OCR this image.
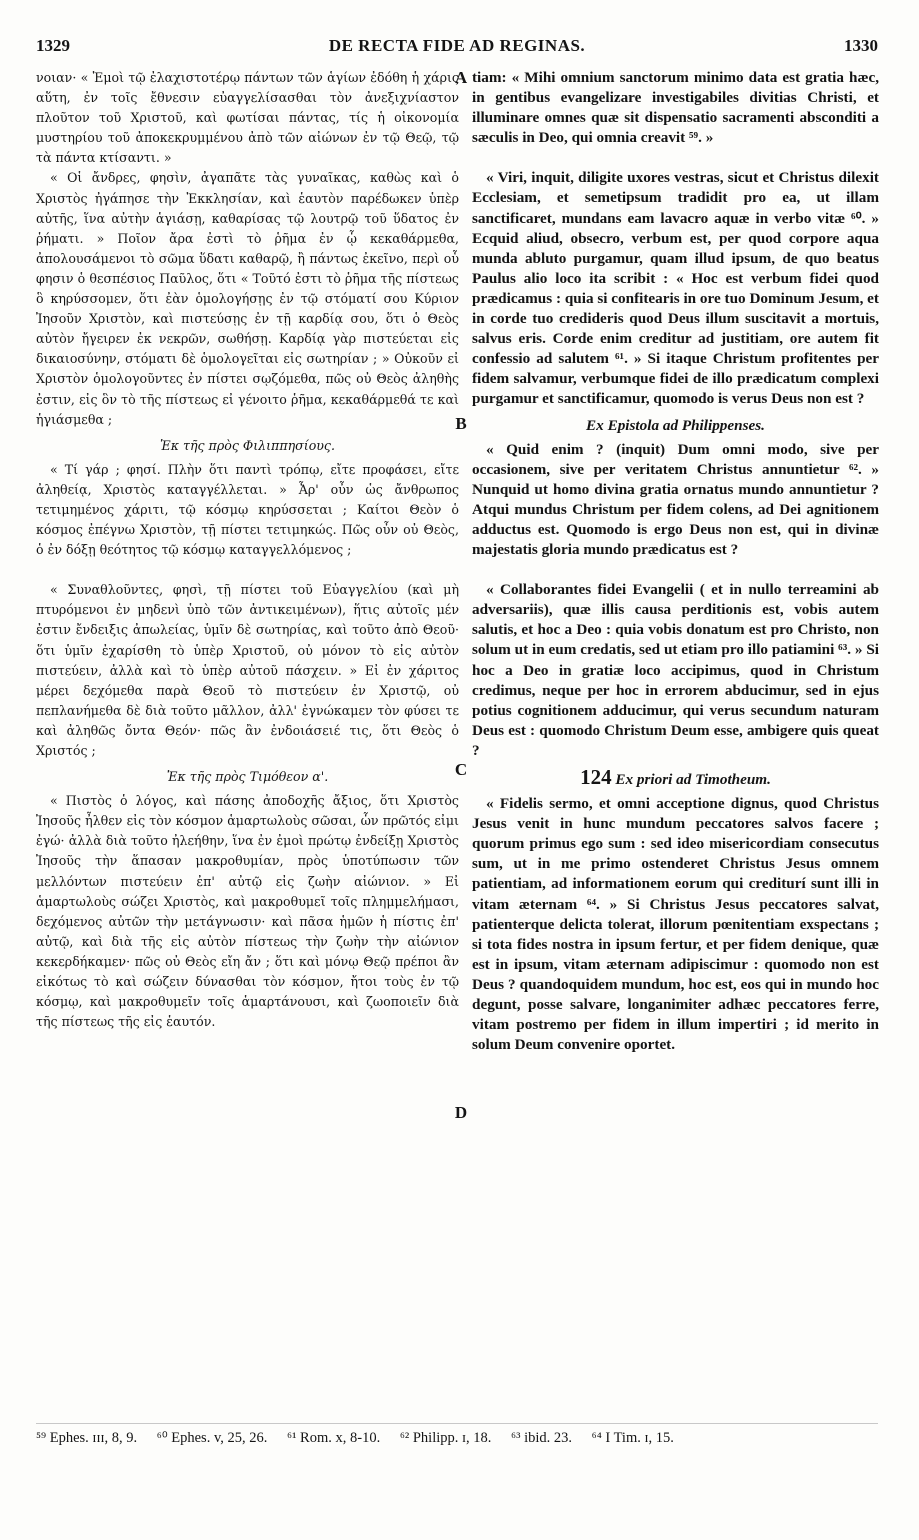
1329	DE RECTA FIDE AD REGINAS.	1330

νοιαν· « Ἐμοὶ τῷ ἐλαχιστοτέρῳ πάντων τῶν ἁγίων ἐδόθη ἡ χάρις αὕτη, ἐν τοῖς ἔθνεσιν εὐαγγελίσασθαι τὸν ἀνεξιχνίαστον πλοῦτον τοῦ Χριστοῦ, καὶ φωτίσαι πάντας, τίς ἡ οἰκονομία μυστηρίου τοῦ ἀποκεκρυμμένου ἀπὸ τῶν αἰώνων ἐν τῷ Θεῷ, τῷ τὰ πάντα κτίσαντι. »

« Οἱ ἄνδρες, φησὶν, ἀγαπᾶτε τὰς γυναῖκας, καθὼς καὶ ὁ Χριστὸς ἠγάπησε τὴν Ἐκκλησίαν, καὶ ἑαυτὸν παρέδωκεν ὑπὲρ αὐτῆς, ἵνα αὐτὴν ἁγιάσῃ, καθαρίσας τῷ λουτρῷ τοῦ ὕδατος ἐν ῥήματι. » Ποῖον ἄρα ἐστὶ τὸ ῥῆμα ἐν ᾧ κεκαθάρμεθα, ἀπολουσάμενοι τὸ σῶμα ὕδατι καθαρῷ, ἢ πάντως ἐκεῖνο, περὶ οὗ φησιν ὁ θεσπέσιος Παῦλος, ὅτι « Τοῦτό ἐστι τὸ ῥῆμα τῆς πίστεως ὃ κηρύσσομεν, ὅτι ἐὰν ὁμολογήσῃς ἐν τῷ στόματί σου Κύριον Ἰησοῦν Χριστὸν, καὶ πιστεύσῃς ἐν τῇ καρδίᾳ σου, ὅτι ὁ Θεὸς αὐτὸν ἤγειρεν ἐκ νεκρῶν, σωθήσῃ. Καρδίᾳ γὰρ πιστεύεται εἰς δικαιοσύνην, στόματι δὲ ὁμολογεῖται εἰς σωτηρίαν ; » Οὐκοῦν εἰ Χριστὸν ὁμολογοῦντες ἐν πίστει σῳζόμεθα, πῶς οὐ Θεὸς ἀληθὴς ἐστιν, εἰς ὃν τὸ τῆς πίστεως εἰ γένοιτο ῥῆμα, κεκαθάρμεθά τε καὶ ἡγιάσμεθα ;

Ἐκ τῆς πρὸς Φιλιππησίους.

« Τί γάρ ; φησί. Πλὴν ὅτι παντὶ τρόπῳ, εἴτε προφάσει, εἴτε ἀληθείᾳ, Χριστὸς καταγγέλλεται. » Ἆρ' οὖν ὡς ἄνθρωπος τετιμημένος χάριτι, τῷ κόσμῳ κηρύσσεται ; Καίτοι Θεὸν ὁ κόσμος ἐπέγνω Χριστὸν, τῇ πίστει τετιμηκώς. Πῶς οὖν οὐ Θεὸς, ὁ ἐν δόξῃ θεότητος τῷ κόσμῳ καταγγελλόμενος ;

« Συναθλοῦντες, φησὶ, τῇ πίστει τοῦ Εὐαγγελίου (καὶ μὴ πτυρόμενοι ἐν μηδενὶ ὑπὸ τῶν ἀντικειμένων), ἥτις αὐτοῖς μέν ἐστιν ἔνδειξις ἀπωλείας, ὑμῖν δὲ σωτηρίας, καὶ τοῦτο ἀπὸ Θεοῦ· ὅτι ὑμῖν ἐχαρίσθη τὸ ὑπὲρ Χριστοῦ, οὐ μόνον τὸ εἰς αὐτὸν πιστεύειν, ἀλλὰ καὶ τὸ ὑπὲρ αὐτοῦ πάσχειν. » Εἰ ἐν χάριτος μέρει δεχόμεθα παρὰ Θεοῦ τὸ πιστεύειν ἐν Χριστῷ, οὐ πεπλανήμεθα δὲ διὰ τοῦτο μᾶλλον, ἀλλ' ἐγνώκαμεν τὸν φύσει τε καὶ ἀληθῶς ὄντα Θεόν· πῶς ἂν ἐνδοιάσειέ τις, ὅτι Θεὸς ὁ Χριστός ;

Ἐκ τῆς πρὸς Τιμόθεον α'.

« Πιστὸς ὁ λόγος, καὶ πάσης ἀποδοχῆς ἄξιος, ὅτι Χριστὸς Ἰησοῦς ἦλθεν εἰς τὸν κόσμον ἁμαρτωλοὺς σῶσαι, ὧν πρῶτός εἰμι ἐγώ· ἀλλὰ διὰ τοῦτο ἠλεήθην, ἵνα ἐν ἐμοὶ πρώτῳ ἐνδείξῃ Χριστὸς Ἰησοῦς τὴν ἅπασαν μακροθυμίαν, πρὸς ὑποτύπωσιν τῶν μελλόντων πιστεύειν ἐπ' αὐτῷ εἰς ζωὴν αἰώνιον. » Εἰ ἁμαρτωλοὺς σώζει Χριστὸς, καὶ μακροθυμεῖ τοῖς πλημμελήμασι, δεχόμενος αὐτῶν τὴν μετάγνωσιν· καὶ πᾶσα ἡμῶν ἡ πίστις ἐπ' αὐτῷ, καὶ διὰ τῆς εἰς αὐτὸν πίστεως τὴν ζωὴν τὴν αἰώνιον κεκερδήκαμεν· πῶς οὐ Θεὸς εἴη ἄν ; ὅτι καὶ μόνῳ Θεῷ πρέποι ἂν εἰκότως τὸ καὶ σώζειν δύνασθαι τὸν κόσμον, ἤτοι τοὺς ἐν τῷ κόσμῳ, καὶ μακροθυμεῖν τοῖς ἁμαρτάνουσι, καὶ ζωοποιεῖν διὰ τῆς πίστεως τῆς εἰς ἑαυτόν.

A
B
C
D

tiam: « Mihi omnium sanctorum minimo data est gratia hæc, in gentibus evangelizare investigabiles divitias Christi, et illuminare omnes quæ sit dispensatio sacramenti absconditi a sæculis in Deo, qui omnia creavit ⁵⁹. »

« Viri, inquit, diligite uxores vestras, sicut et Christus dilexit Ecclesiam, et semetipsum tradidit pro ea, ut illam sanctificaret, mundans eam lavacro aquæ in verbo vitæ ⁶⁰. » Ecquid aliud, obsecro, verbum est, per quod corpore aqua munda abluto purgamur, quam illud ipsum, de quo beatus Paulus alio loco ita scribit : « Hoc est verbum fidei quod prædicamus : quia si confitearis in ore tuo Dominum Jesum, et in corde tuo credideris quod Deus illum suscitavit a mortuis, salvus eris. Corde enim creditur ad justitiam, ore autem fit confessio ad salutem ⁶¹. » Si itaque Christum profitentes per fidem salvamur, verbumque fidei de illo prædicatum complexi purgamur et sanctificamur, quomodo is verus Deus non est ?

Ex Epistola ad Philippenses.

« Quid enim ? (inquit) Dum omni modo, sive per occasionem, sive per veritatem Christus annuntietur ⁶². » Nunquid ut homo divina gratia ornatus mundo annuntietur ? Atqui mundus Christum per fidem colens, ad Dei agnitionem adductus est. Quomodo is ergo Deus non est, qui in divinæ majestatis gloria mundo prædicatus est ?

« Collaborantes fidei Evangelii ( et in nullo terreamini ab adversariis), quæ illis causa perditionis est, vobis autem salutis, et hoc a Deo : quia vobis donatum est pro Christo, non solum ut in eum credatis, sed ut etiam pro illo patiamini ⁶³. » Si hoc a Deo in gratiæ loco accipimus, quod in Christum credimus, neque per hoc in errorem abducimur, sed in ejus potius cognitionem adducimur, qui verus secundum naturam Deus est : quomodo Christum Deum esse, ambigere quis queat ?

124 Ex priori ad Timotheum.

« Fidelis sermo, et omni acceptione dignus, quod Christus Jesus venit in hunc mundum peccatores salvos facere ; quorum primus ego sum : sed ideo misericordiam consecutus sum, ut in me primo ostenderet Christus Jesus omnem patientiam, ad informationem eorum qui crediturí sunt illi in vitam æternam ⁶⁴. » Si Christus Jesus peccatores salvat, patienterque delicta tolerat, illorum pœnitentiam exspectans ; si tota fides nostra in ipsum fertur, et per fidem denique, quæ est in ipsum, vitam æternam adipiscimur : quomodo non est Deus ? quandoquidem mundum, hoc est, eos qui in mundo hoc degunt, posse salvare, longanimiter adhæc peccatores ferre, vitam postremo per fidem in illum impertiri ; id merito in solum Deum convenire oportet.

⁵⁹ Ephes. ɪɪɪ, 8, 9. ⁶⁰ Ephes. v, 25, 26. ⁶¹ Rom. x, 8-10. ⁶² Philipp. ɪ, 18. ⁶³ ibid. 23. ⁶⁴ I Tim. ɪ, 15.
